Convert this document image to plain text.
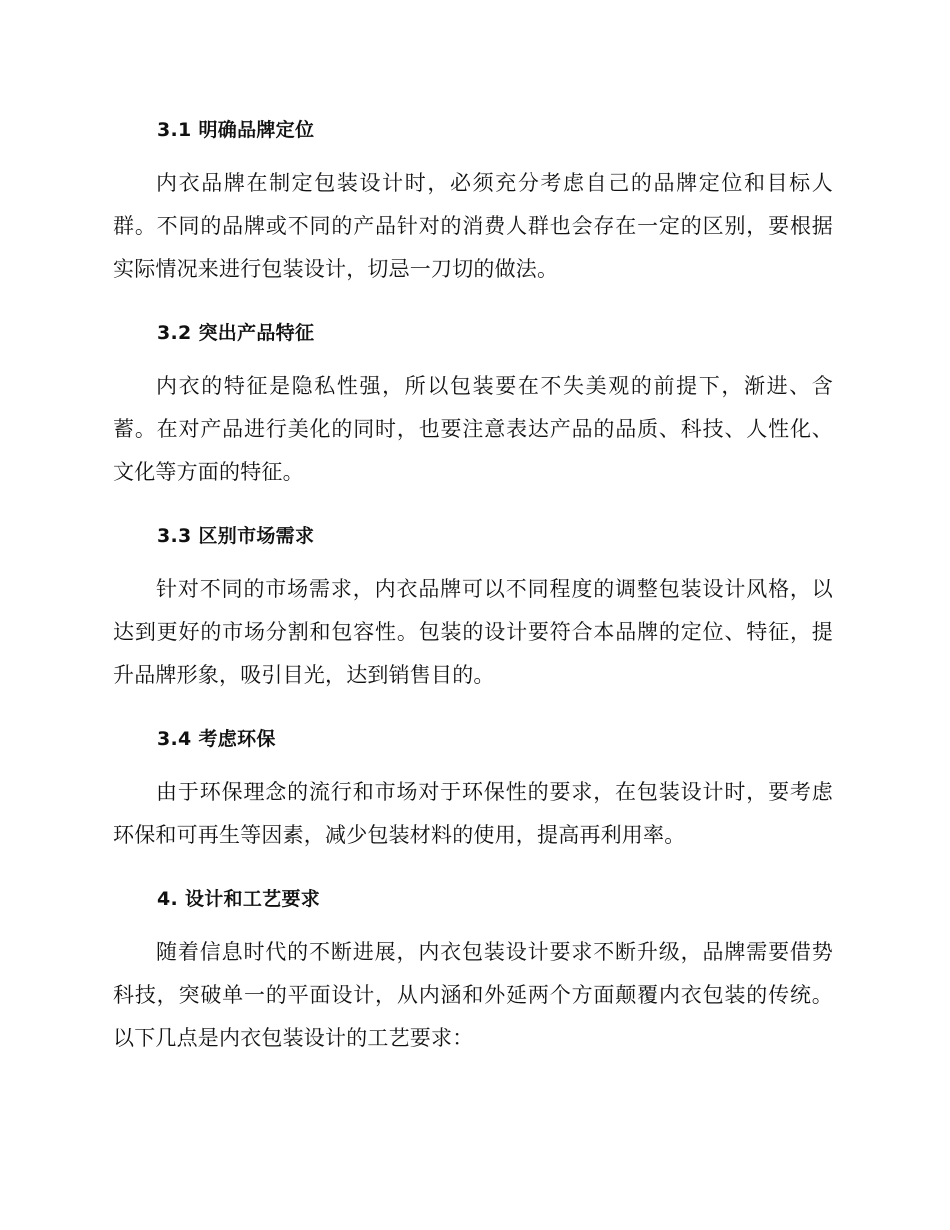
3.1 明确品牌定位

内衣品牌在制定包装设计时，必须充分考虑自己的品牌定位和目标人群。不同的品牌或不同的产品针对的消费人群也会存在一定的区别，要根据实际情况来进行包装设计，切忌一刀切的做法。

3.2 突出产品特征

内衣的特征是隐私性强，所以包装要在不失美观的前提下，渐进、含蓄。在对产品进行美化的同时，也要注意表达产品的品质、科技、人性化、文化等方面的特征。

3.3 区别市场需求

针对不同的市场需求，内衣品牌可以不同程度的调整包装设计风格，以达到更好的市场分割和包容性。包装的设计要符合本品牌的定位、特征，提升品牌形象，吸引目光，达到销售目的。

3.4 考虑环保

由于环保理念的流行和市场对于环保性的要求，在包装设计时，要考虑环保和可再生等因素，减少包装材料的使用，提高再利用率。

4. 设计和工艺要求

随着信息时代的不断进展，内衣包装设计要求不断升级，品牌需要借势科技，突破单一的平面设计，从内涵和外延两个方面颠覆内衣包装的传统。以下几点是内衣包装设计的工艺要求：
